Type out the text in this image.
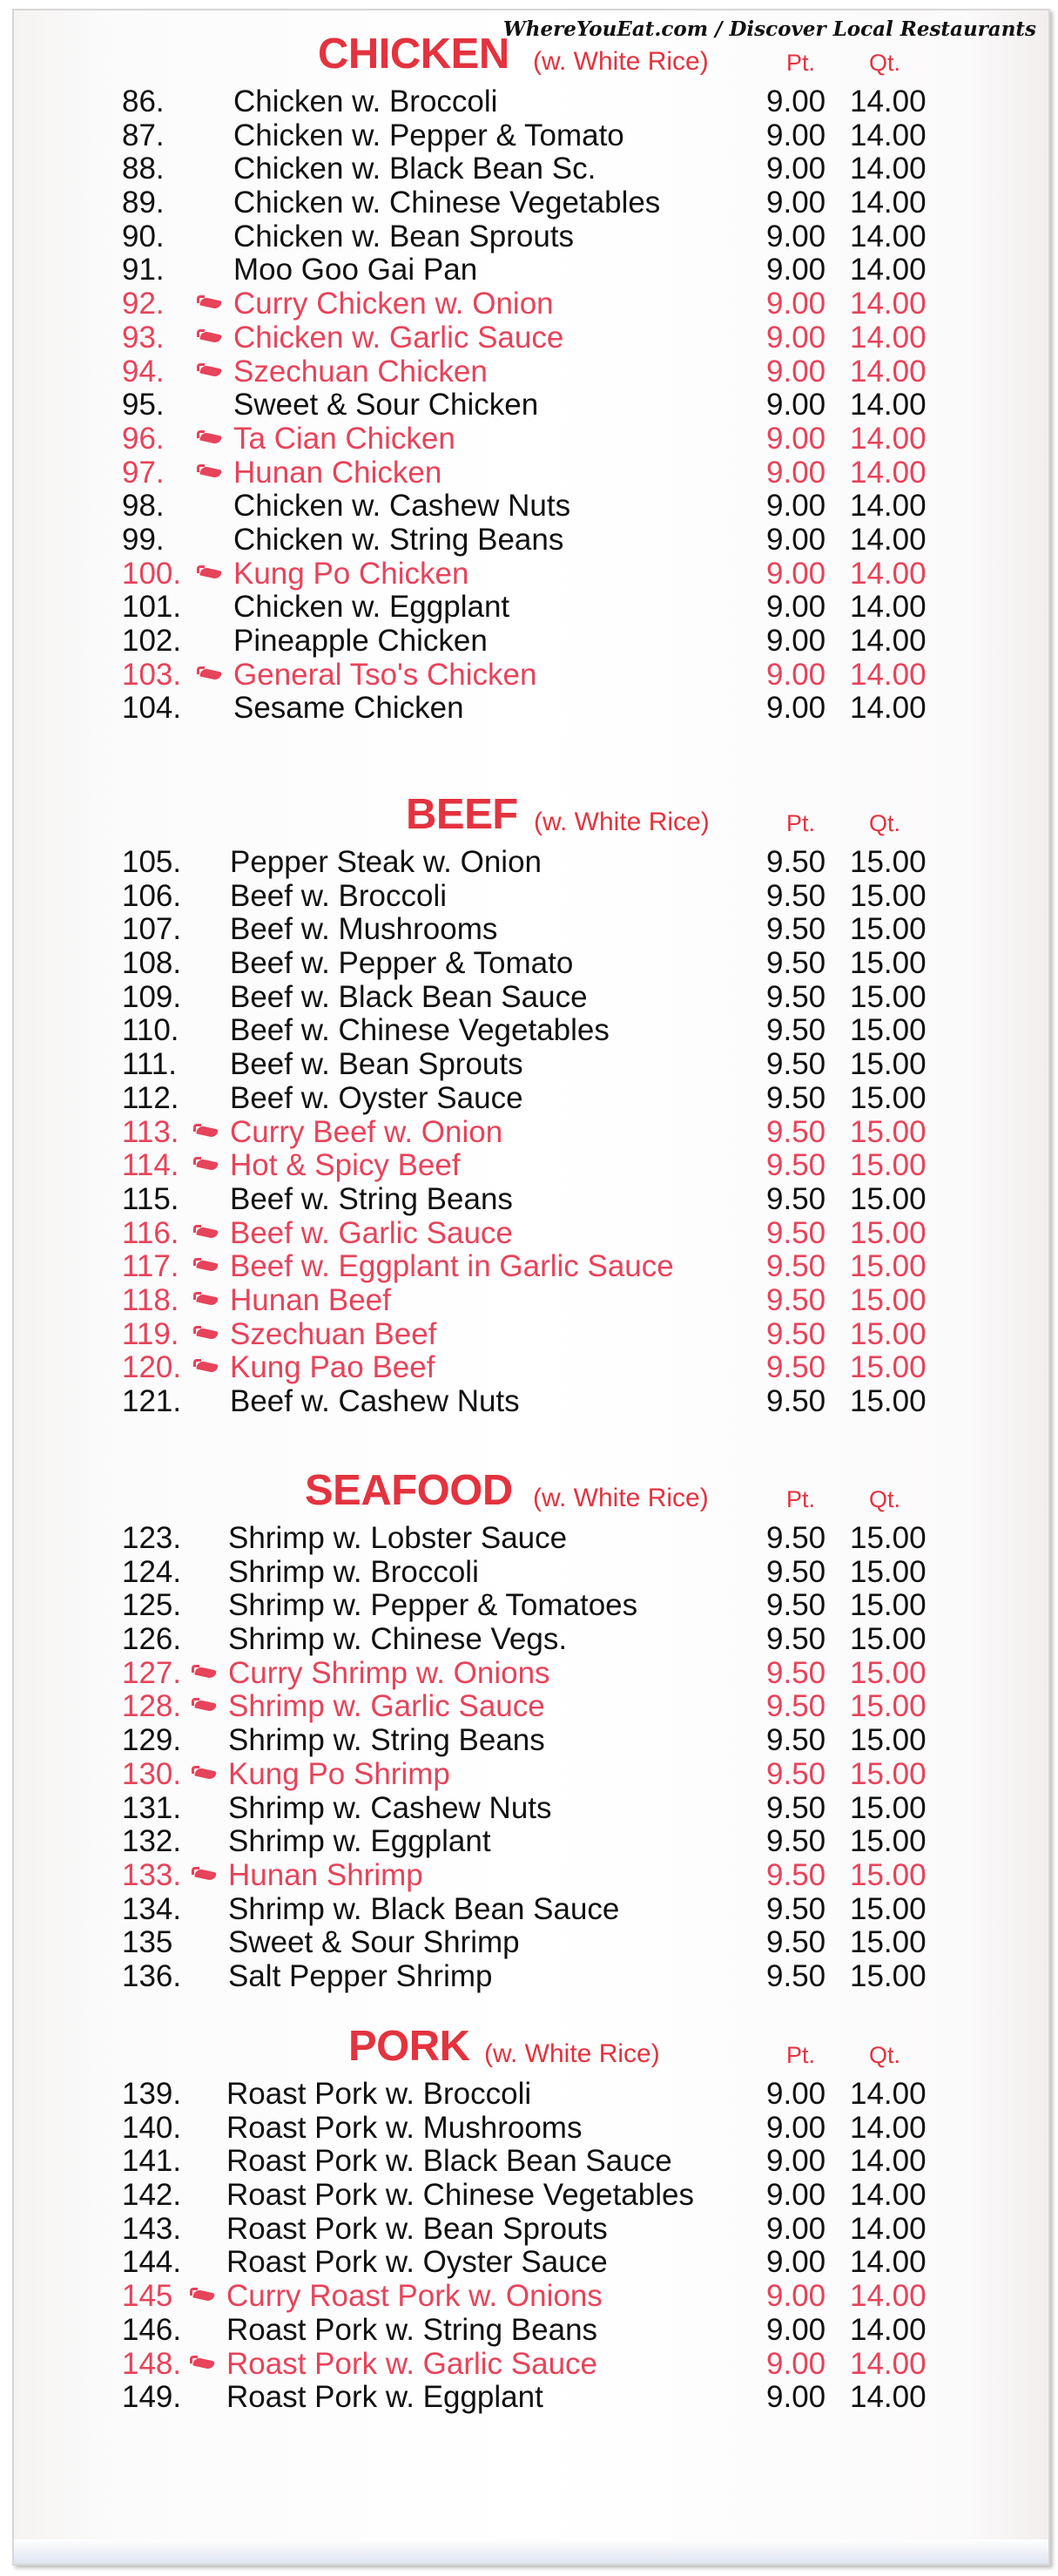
WhereYouEat.com / Discover Local Restaurants
CHICKEN (w. White Rice)	Pt. Qt.
86. Chicken w. Broccoli	9.00 14.00
87. Chicken w. Pepper & Tomato	9.00 14.00
88. Chicken w. Black Bean Sc.	9.00 14.00
89. Chicken w. Chinese Vegetables	9.00 14.00
90. Chicken w. Bean Sprouts	9.00 14.00
91. Moo Goo Gai Pan	9.00 14.00
92. Curry Chicken w. Onion	9.00 14.00
93. Chicken w. Garlic Sauce	9.00 14.00
94. Szechuan Chicken	9.00 14.00
95. Sweet & Sour Chicken	9.00 14.00
96. Ta Cian Chicken	9.00 14.00
97. Hunan Chicken	9.00 14.00
98. Chicken w. Cashew Nuts	9.00 14.00
99. Chicken w. String Beans	9.00 14.00
100. Kung Po Chicken	9.00 14.00
101. Chicken w. Eggplant	9.00 14.00
102. Pineapple Chicken	9.00 14.00
103. General Tso's Chicken	9.00 14.00
104. Sesame Chicken	9.00 14.00
BEEF (w. White Rice)	Pt. Qt.
105. Pepper Steak w. Onion	9.50 15.00
106. Beef w. Broccoli	9.50 15.00
107. Beef w. Mushrooms	9.50 15.00
108. Beef w. Pepper & Tomato	9.50 15.00
109. Beef w. Black Bean Sauce	9.50 15.00
110. Beef w. Chinese Vegetables	9.50 15.00
111. Beef w. Bean Sprouts	9.50 15.00
112. Beef w. Oyster Sauce	9.50 15.00
113. Curry Beef w. Onion	9.50 15.00
114. Hot & Spicy Beef	9.50 15.00
115. Beef w. String Beans	9.50 15.00
116. Beef w. Garlic Sauce	9.50 15.00
117. Beef w. Eggplant in Garlic Sauce	9.50 15.00
118. Hunan Beef	9.50 15.00
119. Szechuan Beef	9.50 15.00
120. Kung Pao Beef	9.50 15.00
121. Beef w. Cashew Nuts	9.50 15.00
SEAFOOD (w. White Rice)	Pt. Qt.
123. Shrimp w. Lobster Sauce	9.50 15.00
124. Shrimp w. Broccoli	9.50 15.00
125. Shrimp w. Pepper & Tomatoes	9.50 15.00
126. Shrimp w. Chinese Vegs.	9.50 15.00
127. Curry Shrimp w. Onions	9.50 15.00
128. Shrimp w. Garlic Sauce	9.50 15.00
129. Shrimp w. String Beans	9.50 15.00
130. Kung Po Shrimp	9.50 15.00
131. Shrimp w. Cashew Nuts	9.50 15.00
132. Shrimp w. Eggplant	9.50 15.00
133. Hunan Shrimp	9.50 15.00
134. Shrimp w. Black Bean Sauce	9.50 15.00
135 Sweet & Sour Shrimp	9.50 15.00
136. Salt Pepper Shrimp	9.50 15.00
PORK (w. White Rice)	Pt. Qt.
139. Roast Pork w. Broccoli	9.00 14.00
140. Roast Pork w. Mushrooms	9.00 14.00
141. Roast Pork w. Black Bean Sauce	9.00 14.00
142. Roast Pork w. Chinese Vegetables 9.00 14.00
143. Roast Pork w. Bean Sprouts	9.00 14.00
144. Roast Pork w. Oyster Sauce	9.00 14.00
145 Curry Roast Pork w. Onions	9.00 14.00
146. Roast Pork w. String Beans	9.00 14.00
148. Roast Pork w. Garlic Sauce	9.00 14.00
149. Roast Pork w. Eggplant	9.00 14.00
